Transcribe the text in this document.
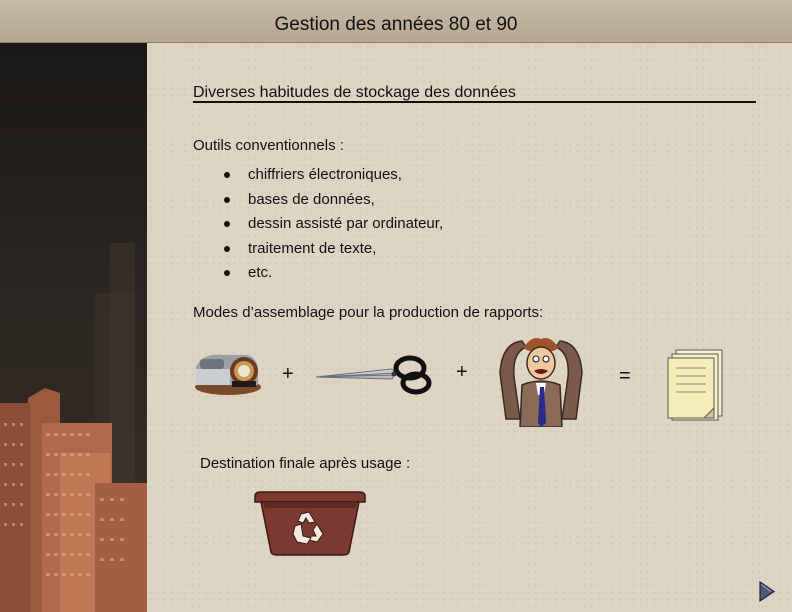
Gestion des années 80 et 90
Diverses habitudes de stockage des données
Outils conventionnels :
chiffriers électroniques,
bases de données,
dessin assisté par ordinateur,
traitement de texte,
etc.
Modes d’assemblage pour la production de rapports:
+	+	=
Destination finale après usage :
